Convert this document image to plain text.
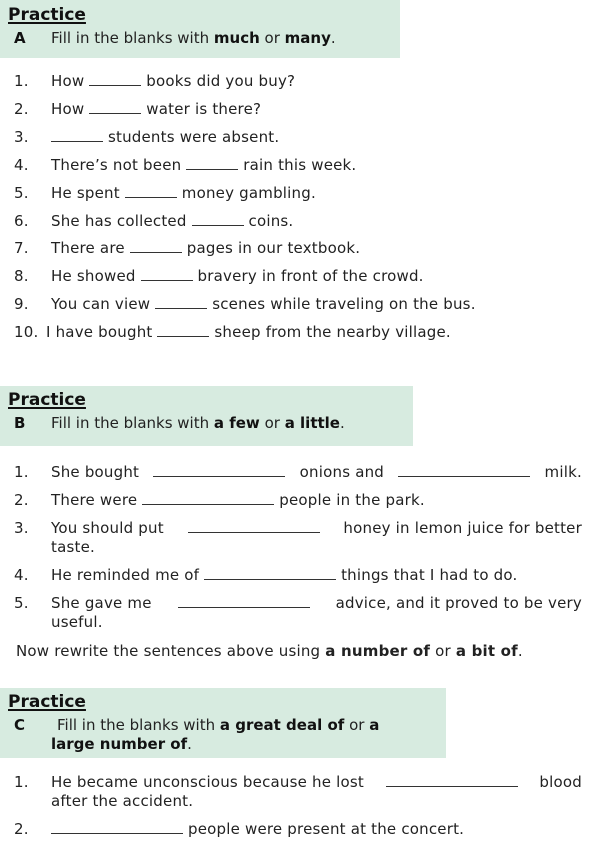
Practice
A Fill in the blanks with much or many.
1. How	books did you buy?
2. How	water is there?
3.	students were absent.
4. There’s not been	rain this week.
5. He spent	money gambling.
6. She has collected	coins.
7. There are	pages in our textbook.
8. He showed	bravery in front of the crowd.
9. You can view	scenes while traveling on the bus.
10. I have bought	sheep from the nearby village.
Practice
B Fill in the blanks with a few or a little.
1. She bought	onions and	milk.
2. There were	people in the park.
3. You should put	honey in lemon juice for better
taste.
4. He reminded me of	things that I had to do.
5. She gave me	advice, and it proved to be very
useful.
Now rewrite the sentences above using a number of or a bit of.
Practice
C Fill in the blanks with a great deal of or a
large number of.
1. He became unconscious because he lost	blood
after the accident.
2.	people were present at the concert.
